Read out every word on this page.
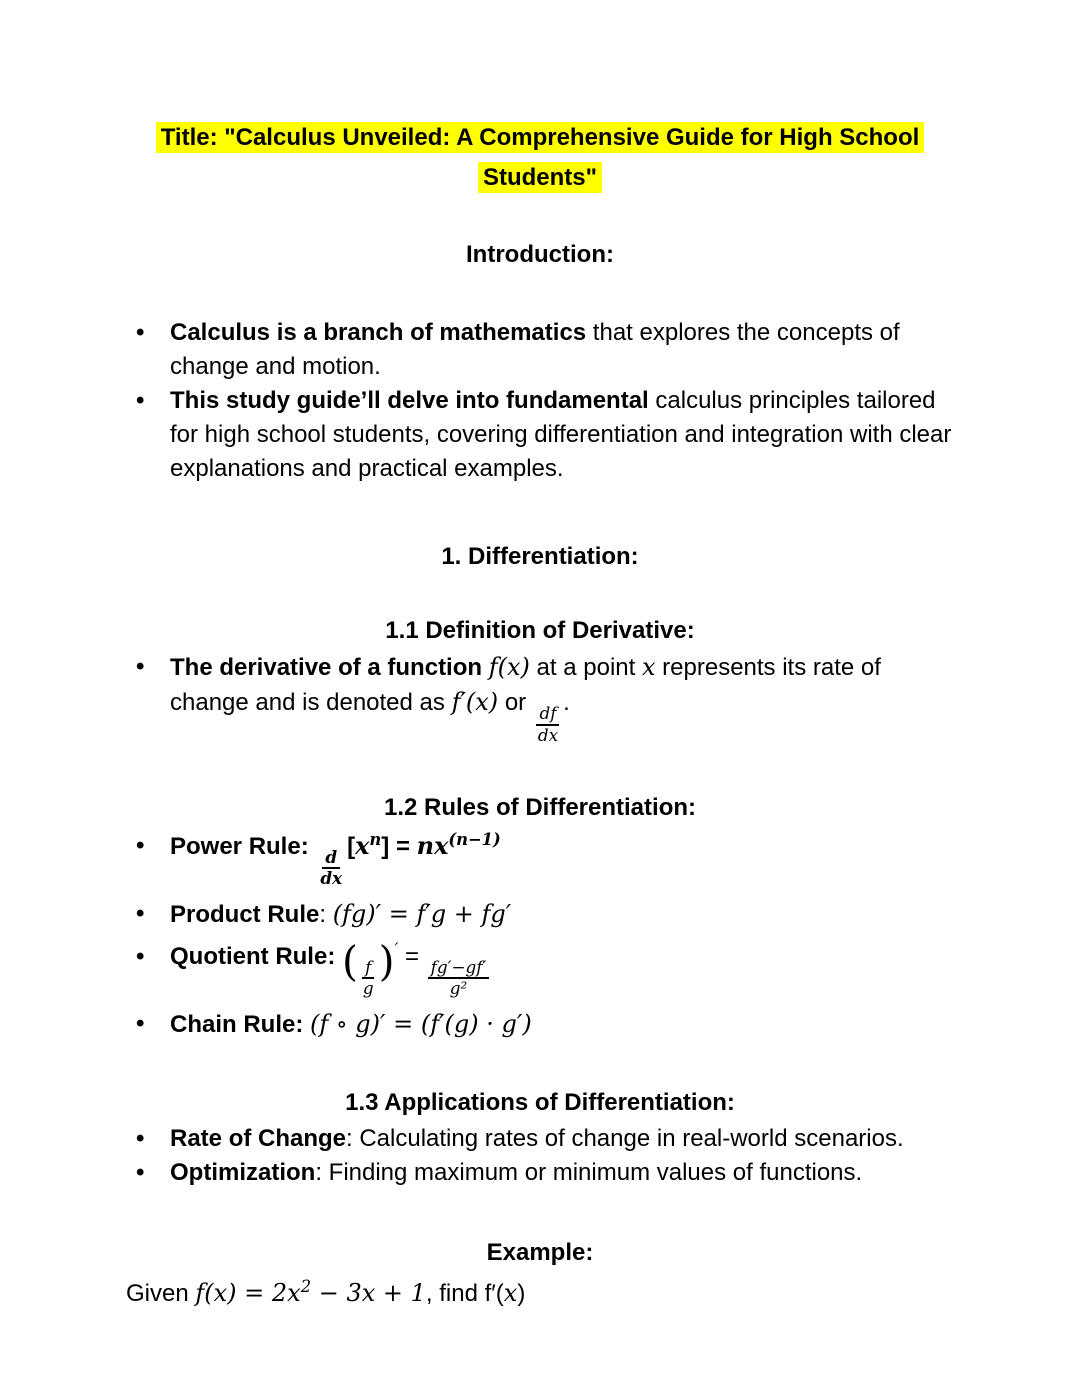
Title: "Calculus Unveiled: A Comprehensive Guide for High School
Students"
Introduction:
• Calculus is a branch of mathematics that explores the concepts of change and motion.
• This study guide’ll delve into fundamental calculus principles tailored for high school students, covering differentiation and integration with clear explanations and practical examples.
1. Differentiation:
1.1 Definition of Derivative:
• The derivative of a function f(x) at a point x represents its rate of change and is denoted as f′(x) or
$\frac{df}{dx}$
.
1.2 Rules of Differentiation:
• Power Rule:
$\frac{d}{dx}$
$[x^n] = nx^{(n-1)}$
• Product Rule: (fg)′ = f′g + fg′
• Quotient Rule: ( $\frac{f}{g} )'$ =
$\frac{fg'-gf'}{\text{g²}}$
• Chain Rule: (f ∘ g)′ = (f′(g) · g′)
1.3 Applications of Differentiation:
• Rate of Change: Calculating rates of change in real-world scenarios.
• Optimization: Finding maximum or minimum values of functions.
Example:

Given $f(x) = 2x^2 - 3x + 1$, find f′(x)
